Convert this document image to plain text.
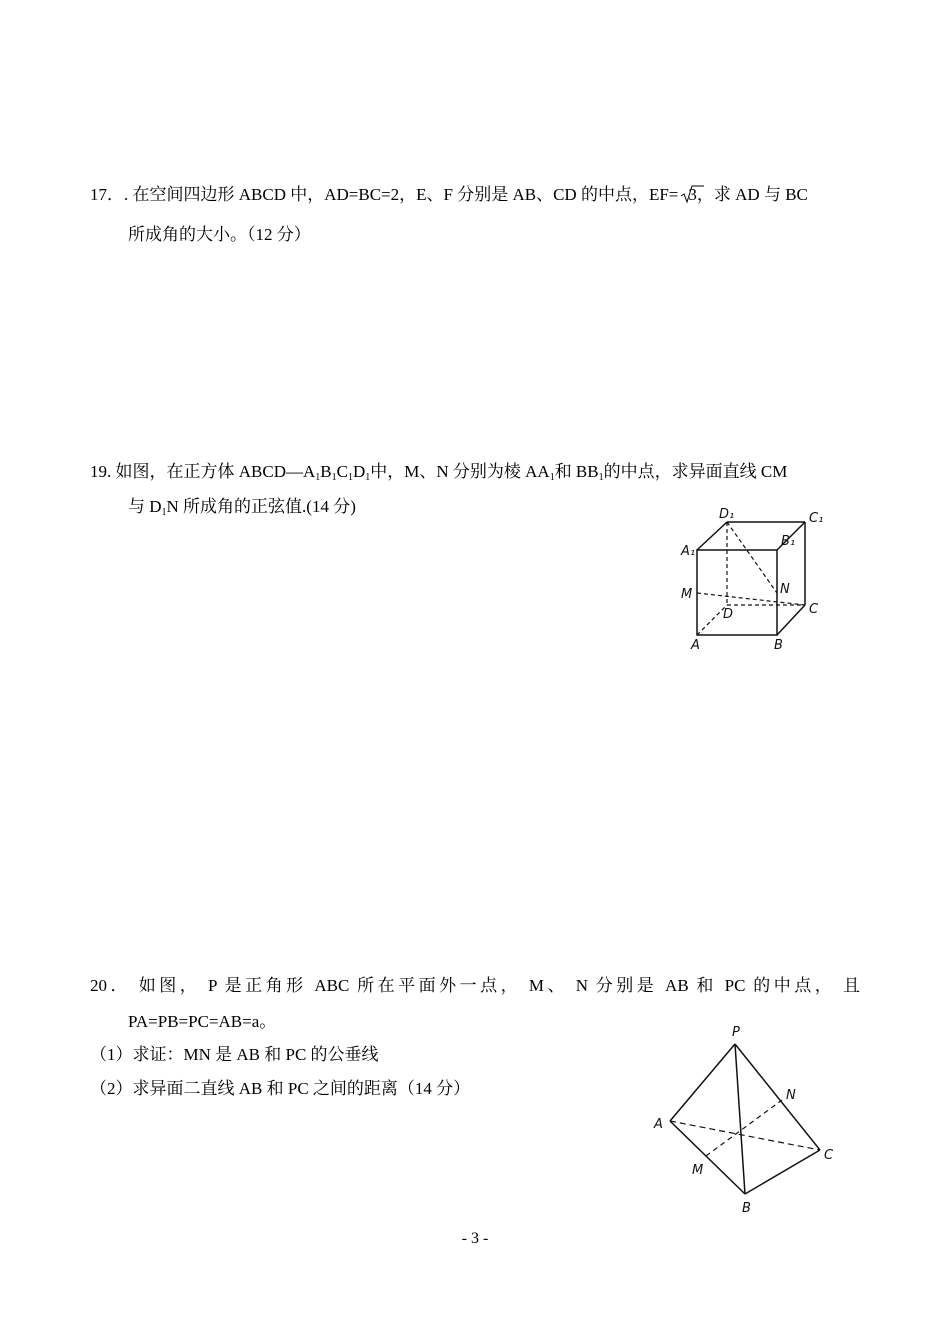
17．. 在空间四边形 ABCD 中，AD=BC=2，E、F 分别是 AB、CD 的中点，EF= 3，求 AD 与 BC
所成角的大小。（12 分）
19. 如图，在正方体 $ABCD—A_1B_1C_1D_1$中，M、N 分别为棱 $AA_1$和 $BB_1$的中点，求异面直线 CM
与 $D_1N$ 所成角的正弦值.(14 分)	D₁	C₁
A₁
B₁
M	N
D	C
A	B
20． 如图， P 是正角形 ABC 所在平面外一点， M、 N 分别是 AB 和 PC 的中点， 且
PA=PB=PC=AB=a。
（1）求证：MN 是 AB 和 PC 的公垂线
（2）求异面二直线 AB 和 PC 之间的距离（14 分）
P
N
A
C
M
B
- 3 -
